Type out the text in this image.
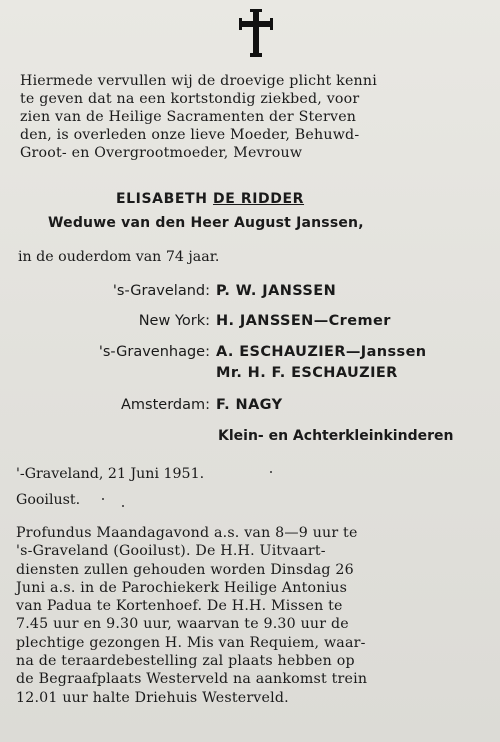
Hiermede vervullen wij de droevige plicht kenni
te geven dat na een kortstondig ziekbed, voor
zien van de Heilige Sacramenten der Sterven
den, is overleden onze lieve Moeder, Behuwd-
Groot- en Overgrootmoeder, Mevrouw

ELISABETH DE RIDDER

Weduwe van den Heer August Janssen,

in de ouderdom van 74 jaar.

's-Graveland: P. W. JANSSEN
New York: H. JANSSEN—Cremer
's-Gravenhage: A. ESCHAUZIER—Janssen
Mr. H. F. ESCHAUZIER
Amsterdam: F. NAGY

Klein- en Achterkleinkinderen

'-Graveland, 21 Juni 1951.

Gooilust.

Profundus Maandagavond a.s. van 8—9 uur te
's-Graveland (Gooilust). De H.H. Uitvaart-
diensten zullen gehouden worden Dinsdag 26
Juni a.s. in de Parochiekerk Heilige Antonius
van Padua te Kortenhoef. De H.H. Missen te
7.45 uur en 9.30 uur, waarvan te 9.30 uur de
plechtige gezongen H. Mis van Requiem, waar-
na de teraardebestelling zal plaats hebben op
de Begraafplaats Westerveld na aankomst trein
12.01 uur halte Driehuis Westerveld.
